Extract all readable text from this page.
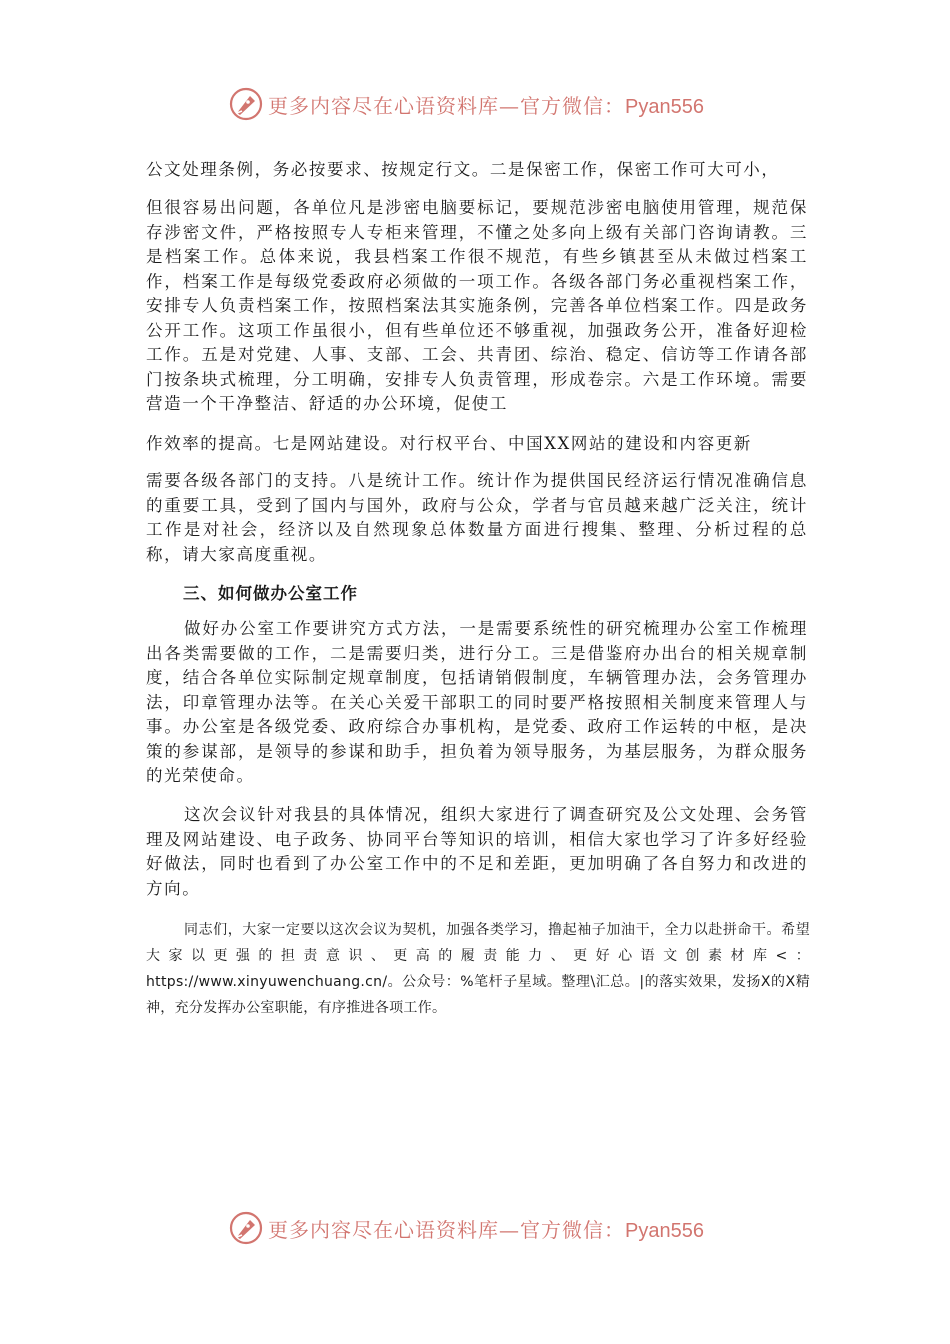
更多内容尽在心语资料库—官方微信：Pyan556

公文处理条例，务必按要求、按规定行文。二是保密工作，保密工作可大可小，

但很容易出问题，各单位凡是涉密电脑要标记，要规范涉密电脑使用管理，规范保存涉密文件，严格按照专人专柜来管理，不懂之处多向上级有关部门咨询请教。三是档案工作。总体来说，我县档案工作很不规范，有些乡镇甚至从未做过档案工作，档案工作是每级党委政府必须做的一项工作。各级各部门务必重视档案工作，安排专人负责档案工作，按照档案法其实施条例，完善各单位档案工作。四是政务公开工作。这项工作虽很小，但有些单位还不够重视，加强政务公开，准备好迎检工作。五是对党建、人事、支部、工会、共青团、综治、稳定、信访等工作请各部门按条块式梳理，分工明确，安排专人负责管理，形成卷宗。六是工作环境。需要营造一个干净整洁、舒适的办公环境，促使工

作效率的提高。七是网站建设。对行权平台、中国XX网站的建设和内容更新

需要各级各部门的支持。八是统计工作。统计作为提供国民经济运行情况准确信息的重要工具，受到了国内与国外，政府与公众，学者与官员越来越广泛关注，统计工作是对社会，经济以及自然现象总体数量方面进行搜集、整理、分析过程的总称，请大家高度重视。

三、如何做办公室工作

做好办公室工作要讲究方式方法，一是需要系统性的研究梳理办公室工作梳理出各类需要做的工作，二是需要归类，进行分工。三是借鉴府办出台的相关规章制度，结合各单位实际制定规章制度，包括请销假制度，车辆管理办法，会务管理办法，印章管理办法等。在关心关爱干部职工的同时要严格按照相关制度来管理人与事。办公室是各级党委、政府综合办事机构，是党委、政府工作运转的中枢，是决策的参谋部，是领导的参谋和助手，担负着为领导服务，为基层服务，为群众服务的光荣使命。

这次会议针对我县的具体情况，组织大家进行了调查研究及公文处理、会务管理及网站建设、电子政务、协同平台等知识的培训，相信大家也学习了许多好经验好做法，同时也看到了办公室工作中的不足和差距，更加明确了各自努力和改进的方向。

同志们，大家一定要以这次会议为契机，加强各类学习，撸起袖子加油干，全力以赴拼命干。希望大家以更强的担责意识、更高的履责能力、更好心语文创素材库<：https://www.xinyuwenchuang.cn/。公众号：%笔杆子星域。整理\汇总。|的落实效果，发扬X的X精神，充分发挥办公室职能，有序推进各项工作。

更多内容尽在心语资料库—官方微信：Pyan556
